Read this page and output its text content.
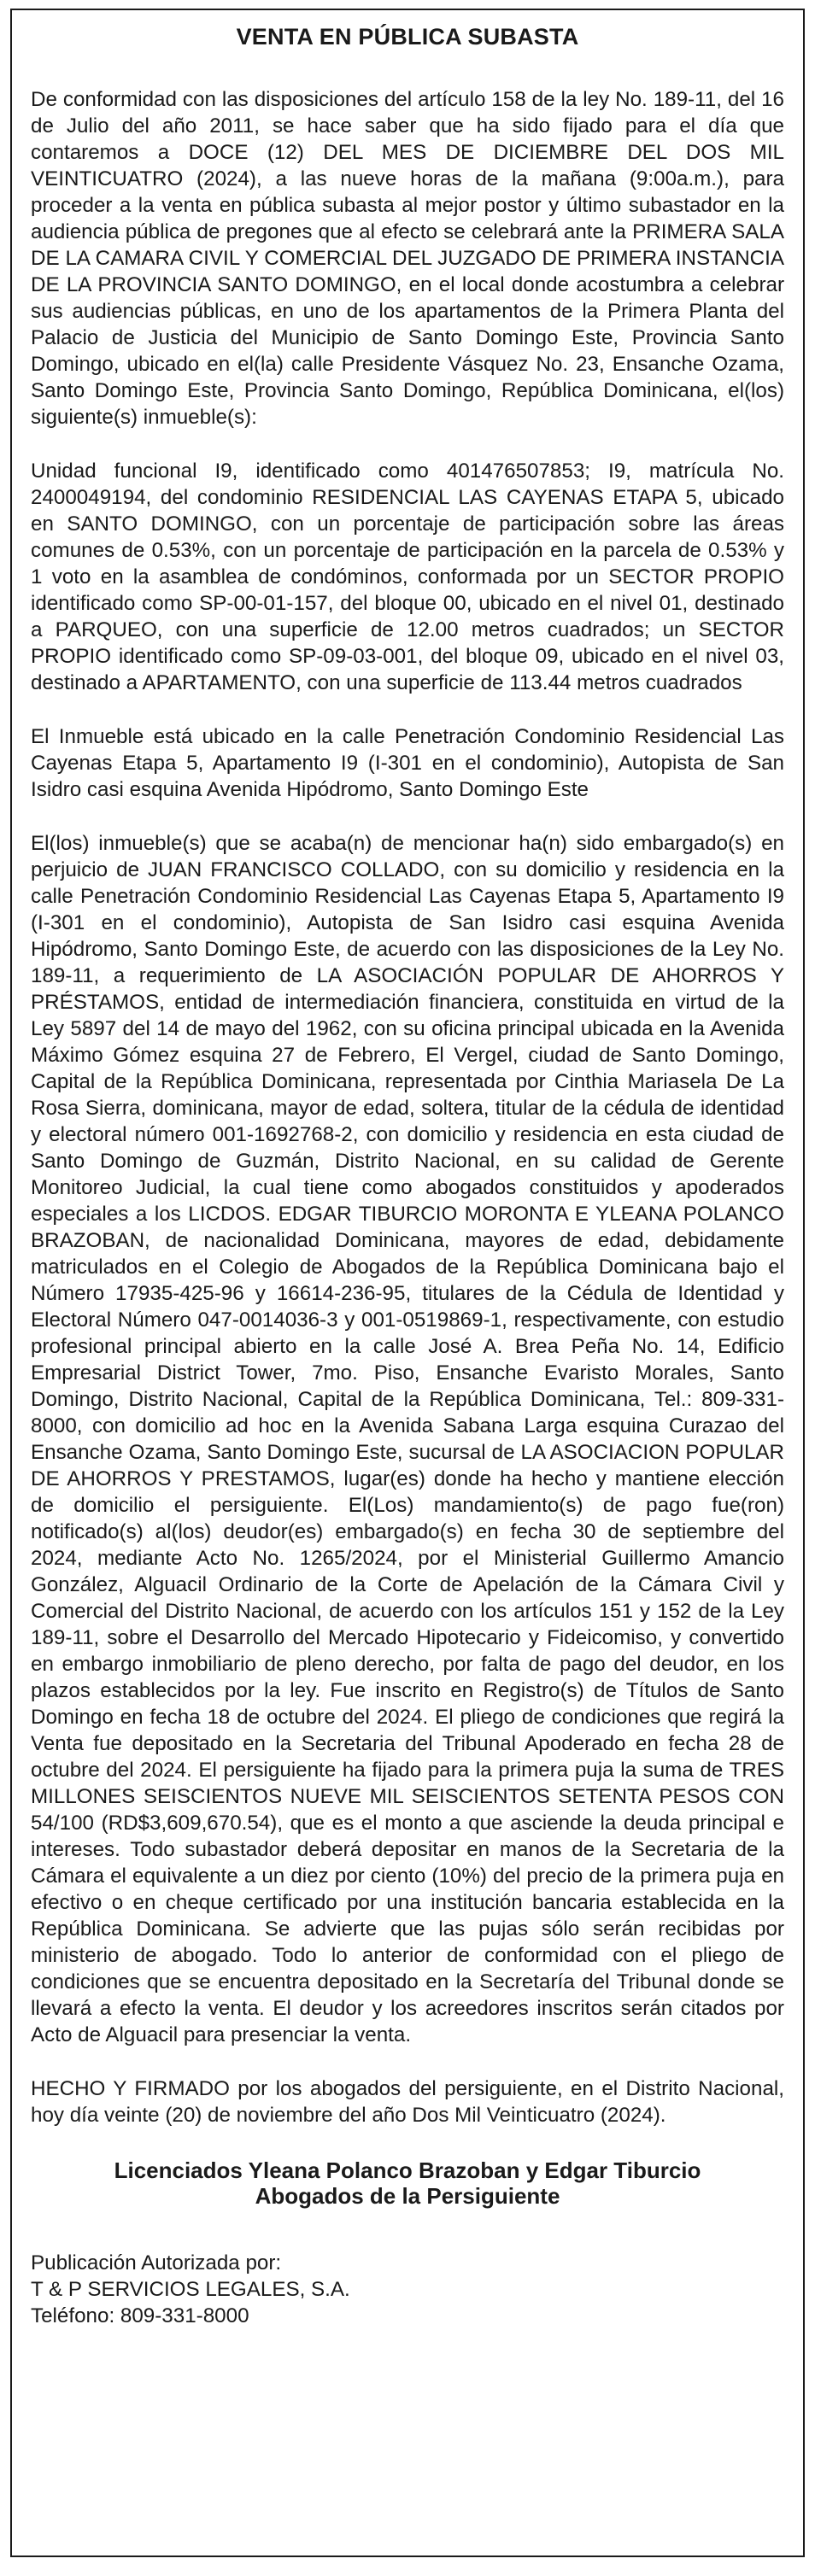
VENTA EN PÚBLICA SUBASTA

De conformidad con las disposiciones del artículo 158 de la ley No. 189-11, del 16 de Julio del año 2011, se hace saber que ha sido fijado para el día que contaremos a DOCE (12) DEL MES DE DICIEMBRE DEL DOS MIL VEINTICUATRO (2024), a las nueve horas de la mañana (9:00a.m.), para proceder a la venta en pública subasta al mejor postor y último subastador en la audiencia pública de pregones que al efecto se celebrará ante la PRIMERA SALA DE LA CAMARA CIVIL Y COMERCIAL DEL JUZGADO DE PRIMERA INSTANCIA DE LA PROVINCIA SANTO DOMINGO, en el local donde acostumbra a celebrar sus audiencias públicas, en uno de los apartamentos de la Primera Planta del Palacio de Justicia del Municipio de Santo Domingo Este, Provincia Santo Domingo, ubicado en el(la) calle Presidente Vásquez No. 23, Ensanche Ozama, Santo Domingo Este, Provincia Santo Domingo, República Dominicana, el(los) siguiente(s) inmueble(s):

Unidad funcional I9, identificado como 401476507853; I9, matrícula No. 2400049194, del condominio RESIDENCIAL LAS CAYENAS ETAPA 5, ubicado en SANTO DOMINGO, con un porcentaje de participación sobre las áreas comunes de 0.53%, con un porcentaje de participación en la parcela de 0.53% y 1 voto en la asamblea de condóminos, conformada por un SECTOR PROPIO identificado como SP-00-01-157, del bloque 00, ubicado en el nivel 01, destinado a PARQUEO, con una superficie de 12.00 metros cuadrados; un SECTOR PROPIO identificado como SP-09-03-001, del bloque 09, ubicado en el nivel 03, destinado a APARTAMENTO, con una superficie de 113.44 metros cuadrados

El Inmueble está ubicado en la calle Penetración Condominio Residencial Las Cayenas Etapa 5, Apartamento I9 (I-301 en el condominio), Autopista de San Isidro casi esquina Avenida Hipódromo, Santo Domingo Este

El(los) inmueble(s) que se acaba(n) de mencionar ha(n) sido embargado(s) en perjuicio de JUAN FRANCISCO COLLADO, con su domicilio y residencia en la calle Penetración Condominio Residencial Las Cayenas Etapa 5, Apartamento I9 (I-301 en el condominio), Autopista de San Isidro casi esquina Avenida Hipódromo, Santo Domingo Este, de acuerdo con las disposiciones de la Ley No. 189-11, a requerimiento de LA ASOCIACIÓN POPULAR DE AHORROS Y PRÉSTAMOS, entidad de intermediación financiera, constituida en virtud de la Ley 5897 del 14 de mayo del 1962, con su oficina principal ubicada en la Avenida Máximo Gómez esquina 27 de Febrero, El Vergel, ciudad de Santo Domingo, Capital de la República Dominicana, representada por Cinthia Mariasela De La Rosa Sierra, dominicana, mayor de edad, soltera, titular de la cédula de identidad y electoral número 001-1692768-2, con domicilio y residencia en esta ciudad de Santo Domingo de Guzmán, Distrito Nacional, en su calidad de Gerente Monitoreo Judicial, la cual tiene como abogados constituidos y apoderados especiales a los LICDOS. EDGAR TIBURCIO MORONTA E YLEANA POLANCO BRAZOBAN, de nacionalidad Dominicana, mayores de edad, debidamente matriculados en el Colegio de Abogados de la República Dominicana bajo el Número 17935-425-96 y 16614-236-95, titulares de la Cédula de Identidad y Electoral Número 047-0014036-3 y 001-0519869-1, respectivamente, con estudio profesional principal abierto en la calle José A. Brea Peña No. 14, Edificio Empresarial District Tower, 7mo. Piso, Ensanche Evaristo Morales, Santo Domingo, Distrito Nacional, Capital de la República Dominicana, Tel.: 809-331-8000, con domicilio ad hoc en la Avenida Sabana Larga esquina Curazao del Ensanche Ozama, Santo Domingo Este, sucursal de LA ASOCIACION POPULAR DE AHORROS Y PRESTAMOS, lugar(es) donde ha hecho y mantiene elección de domicilio el persiguiente. El(Los) mandamiento(s) de pago fue(ron) notificado(s) al(los) deudor(es) embargado(s) en fecha 30 de septiembre del 2024, mediante Acto No. 1265/2024, por el Ministerial Guillermo Amancio González, Alguacil Ordinario de la Corte de Apelación de la Cámara Civil y Comercial del Distrito Nacional, de acuerdo con los artículos 151 y 152 de la Ley 189-11, sobre el Desarrollo del Mercado Hipotecario y Fideicomiso, y convertido en embargo inmobiliario de pleno derecho, por falta de pago del deudor, en los plazos establecidos por la ley. Fue inscrito en Registro(s) de Títulos de Santo Domingo en fecha 18 de octubre del 2024. El pliego de condiciones que regirá la Venta fue depositado en la Secretaria del Tribunal Apoderado en fecha 28 de octubre del 2024. El persiguiente ha fijado para la primera puja la suma de TRES MILLONES SEISCIENTOS NUEVE MIL SEISCIENTOS SETENTA PESOS CON 54/100 (RD$3,609,670.54), que es el monto a que asciende la deuda principal e intereses. Todo subastador deberá depositar en manos de la Secretaria de la Cámara el equivalente a un diez por ciento (10%) del precio de la primera puja en efectivo o en cheque certificado por una institución bancaria establecida en la República Dominicana. Se advierte que las pujas sólo serán recibidas por ministerio de abogado. Todo lo anterior de conformidad con el pliego de condiciones que se encuentra depositado en la Secretaría del Tribunal donde se llevará a efecto la venta. El deudor y los acreedores inscritos serán citados por Acto de Alguacil para presenciar la venta.

HECHO Y FIRMADO por los abogados del persiguiente, en el Distrito Nacional, hoy día veinte (20) de noviembre del año Dos Mil Veinticuatro (2024).

Licenciados Yleana Polanco Brazoban y Edgar Tiburcio
Abogados de la Persiguiente
Publicación Autorizada por:
T & P SERVICIOS LEGALES, S.A.
Teléfono: 809-331-8000
